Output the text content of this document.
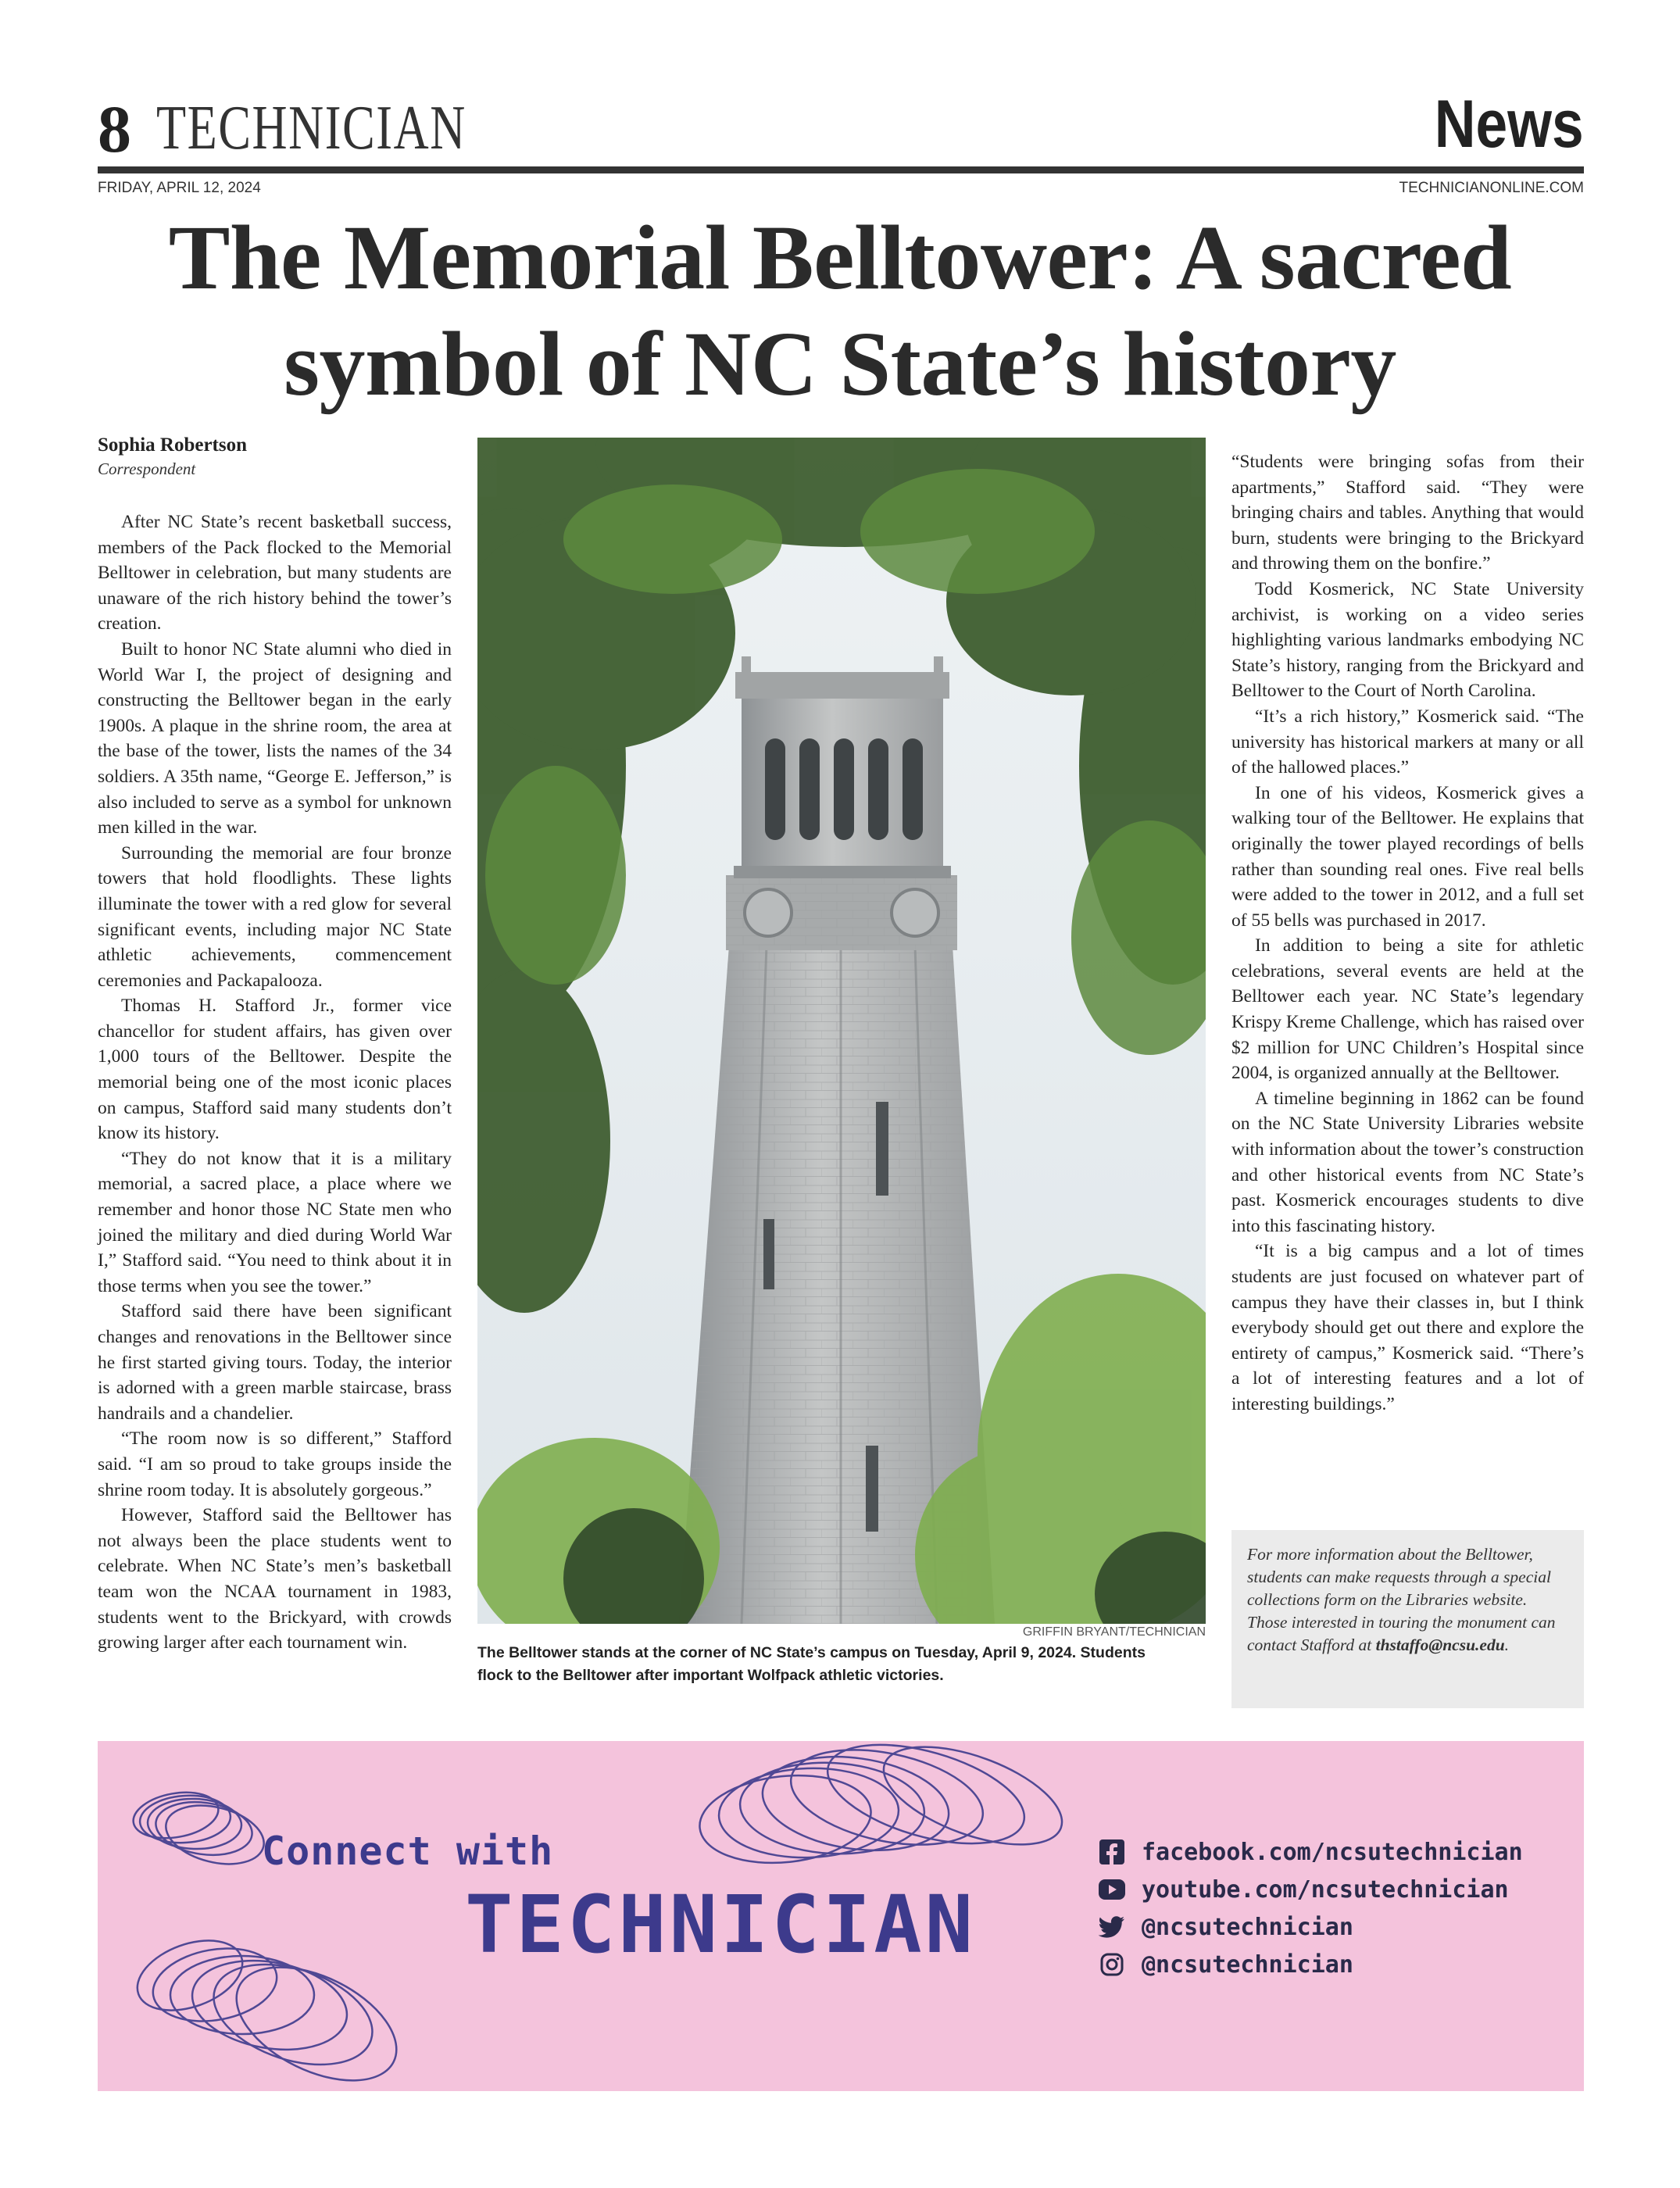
8 TECHNICIAN	News
FRIDAY, APRIL 12, 2024	TECHNICIANONLINE.COM
The Memorial Belltower: A sacred
symbol of NC State’s history
Sophia Robertson
Correspondent

After NC State’s recent basketball success, members of the Pack flocked to the Memorial Belltower in celebration, but many students are unaware of the rich history behind the tower’s creation.

Built to honor NC State alumni who died in World War I, the project of designing and constructing the Belltower began in the early 1900s. A plaque in the shrine room, the area at the base of the tower, lists the names of the 34 soldiers. A 35th name, “George E. Jefferson,” is also included to serve as a symbol for unknown men killed in the war.

Surrounding the memorial are four bronze towers that hold floodlights. These lights illuminate the tower with a red glow for several significant events, including major NC State athletic achievements, commencement ceremonies and Packapalooza.

Thomas H. Stafford Jr., former vice chancellor for student affairs, has given over 1,000 tours of the Belltower. Despite the memorial being one of the most iconic places on campus, Stafford said many students don’t know its history.

“They do not know that it is a military memorial, a sacred place, a place where we remember and honor those NC State men who joined the military and died during World War I,” Stafford said. “You need to think about it in those terms when you see the tower.”

Stafford said there have been significant changes and renovations in the Belltower since he first started giving tours. Today, the interior is adorned with a green marble staircase, brass handrails and a chandelier.

“The room now is so different,” Stafford said. “I am so proud to take groups inside the shrine room today. It is absolutely gorgeous.”

However, Stafford said the Belltower has not always been the place students went to celebrate. When NC State’s men’s basketball team won the NCAA tournament in 1983, students went to the Brickyard, with crowds growing larger after each tournament win.

GRIFFIN BRYANT/TECHNICIAN
The Belltower stands at the corner of NC State’s campus on Tuesday, April 9, 2024. Students flock to the Belltower after important Wolfpack athletic victories.

“Students were bringing sofas from their apartments,” Stafford said. “They were bringing chairs and tables. Anything that would burn, students were bringing to the Brickyard and throwing them on the bonfire.”

Todd Kosmerick, NC State University archivist, is working on a video series highlighting various landmarks embodying NC State’s history, ranging from the Brickyard and Belltower to the Court of North Carolina.

“It’s a rich history,” Kosmerick said. “The university has historical markers at many or all of the hallowed places.”

In one of his videos, Kosmerick gives a walking tour of the Belltower. He explains that originally the tower played recordings of bells rather than sounding real ones. Five real bells were added to the tower in 2012, and a full set of 55 bells was purchased in 2017.

In addition to being a site for athletic celebrations, several events are held at the Belltower each year. NC State’s legendary Krispy Kreme Challenge, which has raised over $2 million for UNC Children’s Hospital since 2004, is organized annually at the Belltower.

A timeline beginning in 1862 can be found on the NC State University Libraries website with information about the tower’s construction and other historical events from NC State’s past. Kosmerick encourages students to dive into this fascinating history.

“It is a big campus and a lot of times students are just focused on whatever part of campus they have their classes in, but I think everybody should get out there and explore the entirety of campus,” Kosmerick said. “There’s a lot of interesting features and a lot of interesting buildings.”

For more information about the Belltower, students can make requests through a special collections form on the Libraries website. Those interested in touring the monument can contact Stafford at thstaffo@ncsu.edu.
Connect with
TECHNICIAN
facebook.com/ncsutechnician
youtube.com/ncsutechnician
@ncsutechnician
@ncsutechnician
